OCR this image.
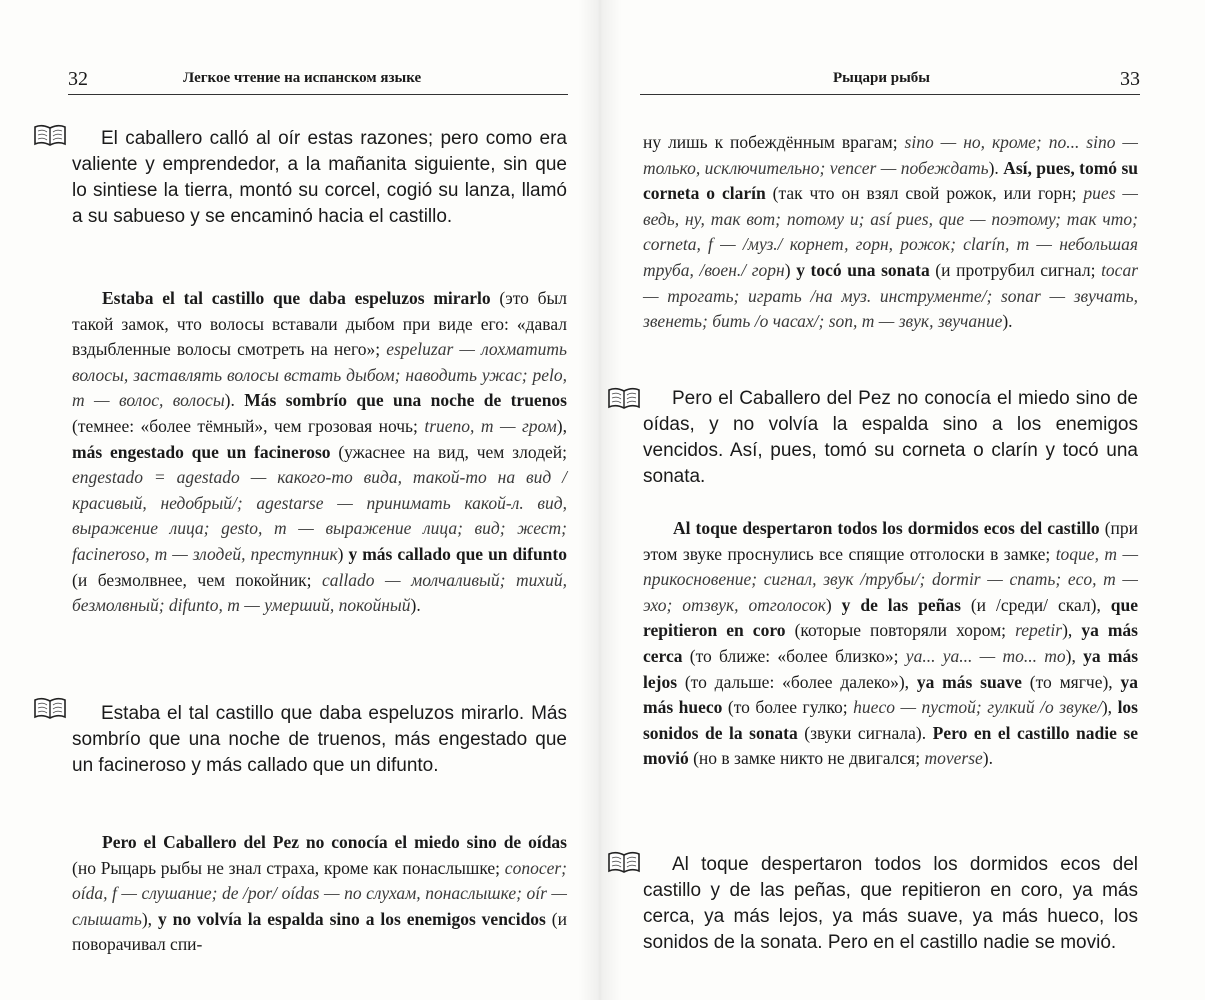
32	Легкое чтение на испанском языке

El caballero calló al oír estas razones; pero como era valiente y emprendedor, a la mañanita siguiente, sin que lo sintiese la tierra, montó su corcel, cogió su lanza, llamó a su sabueso y se encaminó hacia el castillo.

Estaba el tal castillo que daba espeluzos mirarlo (это был такой замок, что волосы вставали дыбом при виде его: «давал вздыбленные волосы смотреть на него»; espeluzar — лохматить волосы, заставлять волосы встать дыбом; наводить ужас; pelo, m — волос, волосы). Más sombrío que una noche de truenos (темнее: «более тёмный», чем грозовая ночь; trueno, m — гром), más engestado que un facineroso (ужаснее на вид, чем злодей; engestado = agestado — какого-то вида, такой-то на вид /красивый, недобрый/; agestarse — принимать какой-л. вид, выражение лица; gesto, m — выражение лица; вид; жест; facineroso, m — злодей, преступник) y más callado que un difunto (и безмолвнее, чем покойник; callado — молчаливый; тихий, безмолвный; difunto, m — умерший, покойный).

Estaba el tal castillo que daba espeluzos mirarlo. Más sombrío que una noche de truenos, más engestado que un facineroso y más callado que un difunto.

Pero el Caballero del Pez no conocía el miedo sino de oídas (но Рыцарь рыбы не знал страха, кроме как понаслышке; conocer; oída, f — слушание; de /por/ oídas — по слухам, понаслышке; oír — слышать), y no volvía la espalda sino a los enemigos vencidos (и поворачивал спи-

Рыцари рыбы	33

ну лишь к побеждённым врагам; sino — но, кроме; по... sino — только, исключительно; vencer — побеждать). Así, pues, tomó su corneta o clarín (так что он взял свой рожок, или горн; pues — ведь, ну, так вот; потому и; así pues, que — поэтому; так что; corneta, f — /муз./ корнет, горн, рожок; clarín, m — небольшая труба, /воен./ горн) y tocó una sonata (и протрубил сигнал; tocar — трогать; играть /на муз. инструменте/; sonar — звучать, звенеть; бить /о часах/; son, m — звук, звучание).

Pero el Caballero del Pez no conocía el miedo sino de oídas, y no volvía la espalda sino a los enemigos vencidos. Así, pues, tomó su corneta o clarín y tocó una sonata.

Al toque despertaron todos los dormidos ecos del castillo (при этом звуке проснулись все спящие отголоски в замке; toque, m — прикосновение; сигнал, звук /трубы/; dormir — спать; eco, m — эхо; отзвук, отголосок) y de las peñas (и /среди/ скал), que repitieron en coro (которые повторяли хором; repetir), ya más cerca (то ближе: «более близко»; ya... ya... — то... то), ya más lejos (то дальше: «более далеко»), ya más suave (то мягче), ya más hueco (то более гулко; hueco — пустой; гулкий /о звуке/), los sonidos de la sonata (звуки сигнала). Pero en el castillo nadie se movió (но в замке никто не двигался; moverse).

Al toque despertaron todos los dormidos ecos del castillo y de las peñas, que repitieron en coro, ya más cerca, ya más lejos, ya más suave, ya más hueco, los sonidos de la sonata. Pero en el castillo nadie se movió.
